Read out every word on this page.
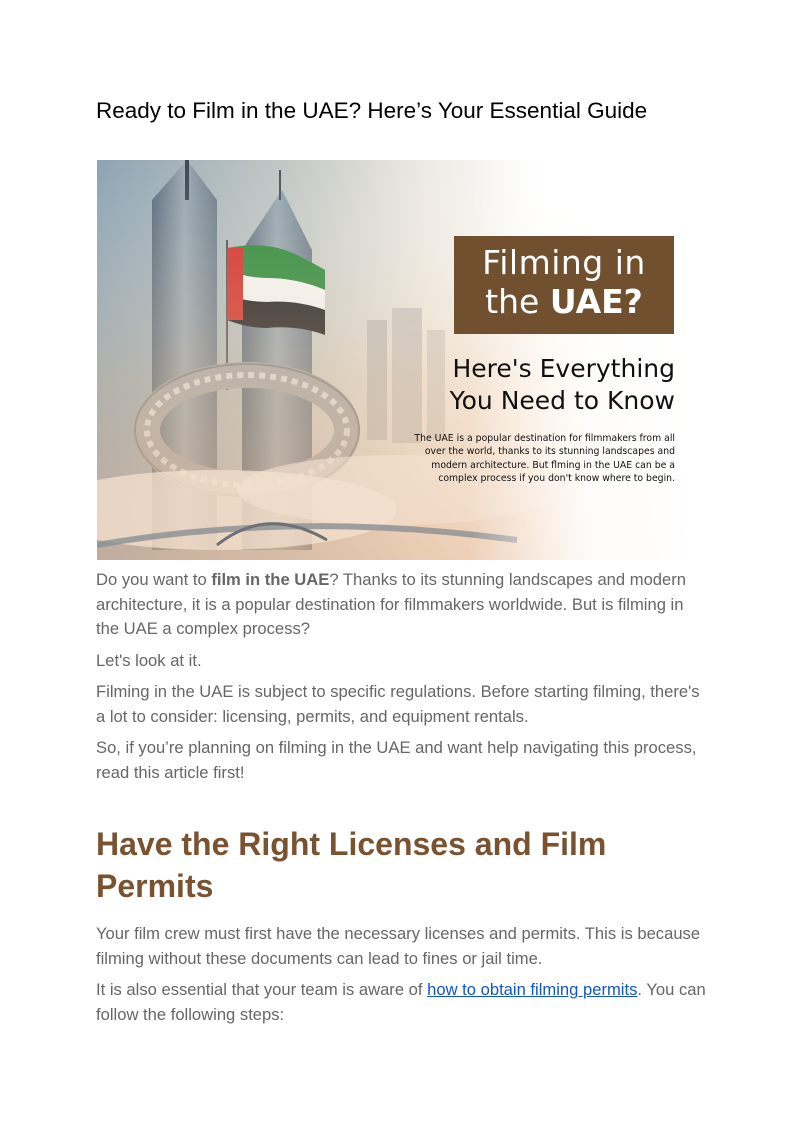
Ready to Film in the UAE? Here’s Your Essential Guide
Filming in
the UAE?
Here's Everything
You Need to Know
The UAE is a popular destination for filmmakers from all
over the world, thanks to its stunning landscapes and
modern architecture. But flming in the UAE can be a
complex process if you don't know where to begin.

Do you want to film in the UAE? Thanks to its stunning landscapes and modern architecture, it is a popular destination for filmmakers worldwide. But is filming in the UAE a complex process?

Let's look at it.

Filming in the UAE is subject to specific regulations. Before starting filming, there's a lot to consider: licensing, permits, and equipment rentals.

So, if you’re planning on filming in the UAE and want help navigating this process, read this article first!

Have the Right Licenses and Film
Permits

Your film crew must first have the necessary licenses and permits. This is because filming without these documents can lead to fines or jail time.

It is also essential that your team is aware of how to obtain filming permits. You can follow the following steps:
